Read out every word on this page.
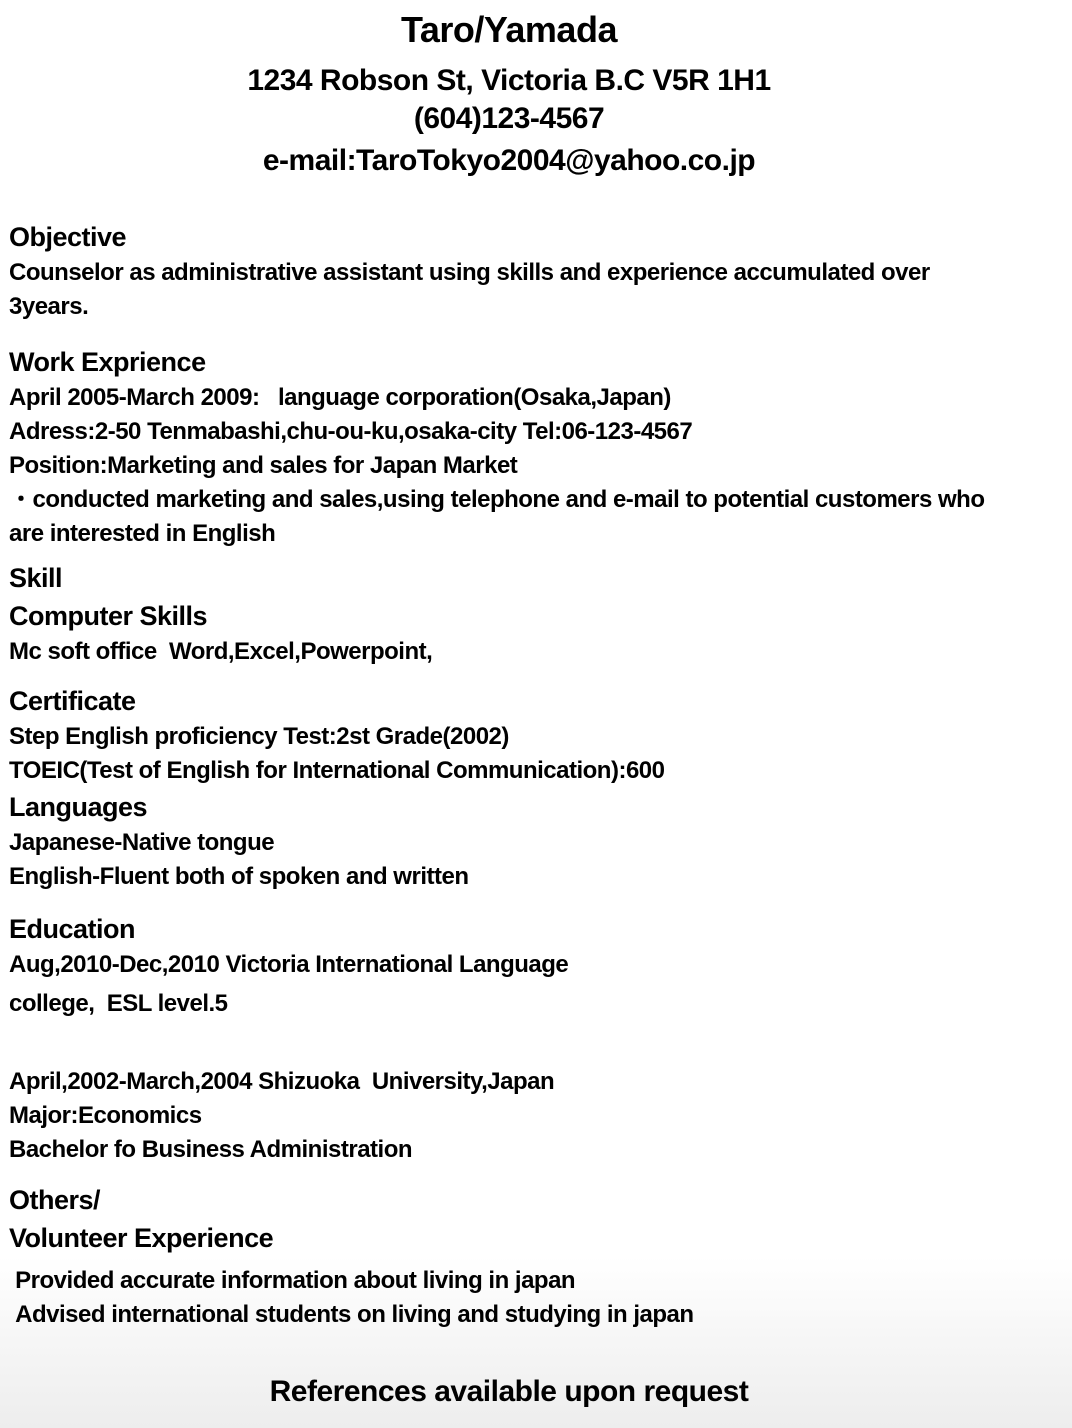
Taro/Yamada
1234 Robson St, Victoria B.C V5R 1H1
(604)123-4567
e-mail:TaroTokyo2004@yahoo.co.jp
Objective
Counselor as administrative assistant using skills and experience accumulated over 3years.
Work Exprience
April 2005-March 2009:   language corporation(Osaka,Japan)
Adress:2-50 Tenmabashi,chu-ou-ku,osaka-city Tel:06-123-4567
Position:Marketing and sales for Japan Market
・conducted marketing and sales,using telephone and e-mail to potential customers who are interested in English
Skill
Computer Skills
Mc soft office  Word,Excel,Powerpoint,
Certificate
Step English proficiency Test:2st Grade(2002)
TOEIC(Test of English for International Communication):600
Languages
Japanese-Native tongue
English-Fluent both of spoken and written
Education
Aug,2010-Dec,2010 Victoria International Language
college,  ESL level.5
April,2002-March,2004 Shizuoka  University,Japan
Major:Economics
Bachelor fo Business Administration
Others/
Volunteer Experience
Provided accurate information about living in japan
Advised international students on living and studying in japan
References available upon request
